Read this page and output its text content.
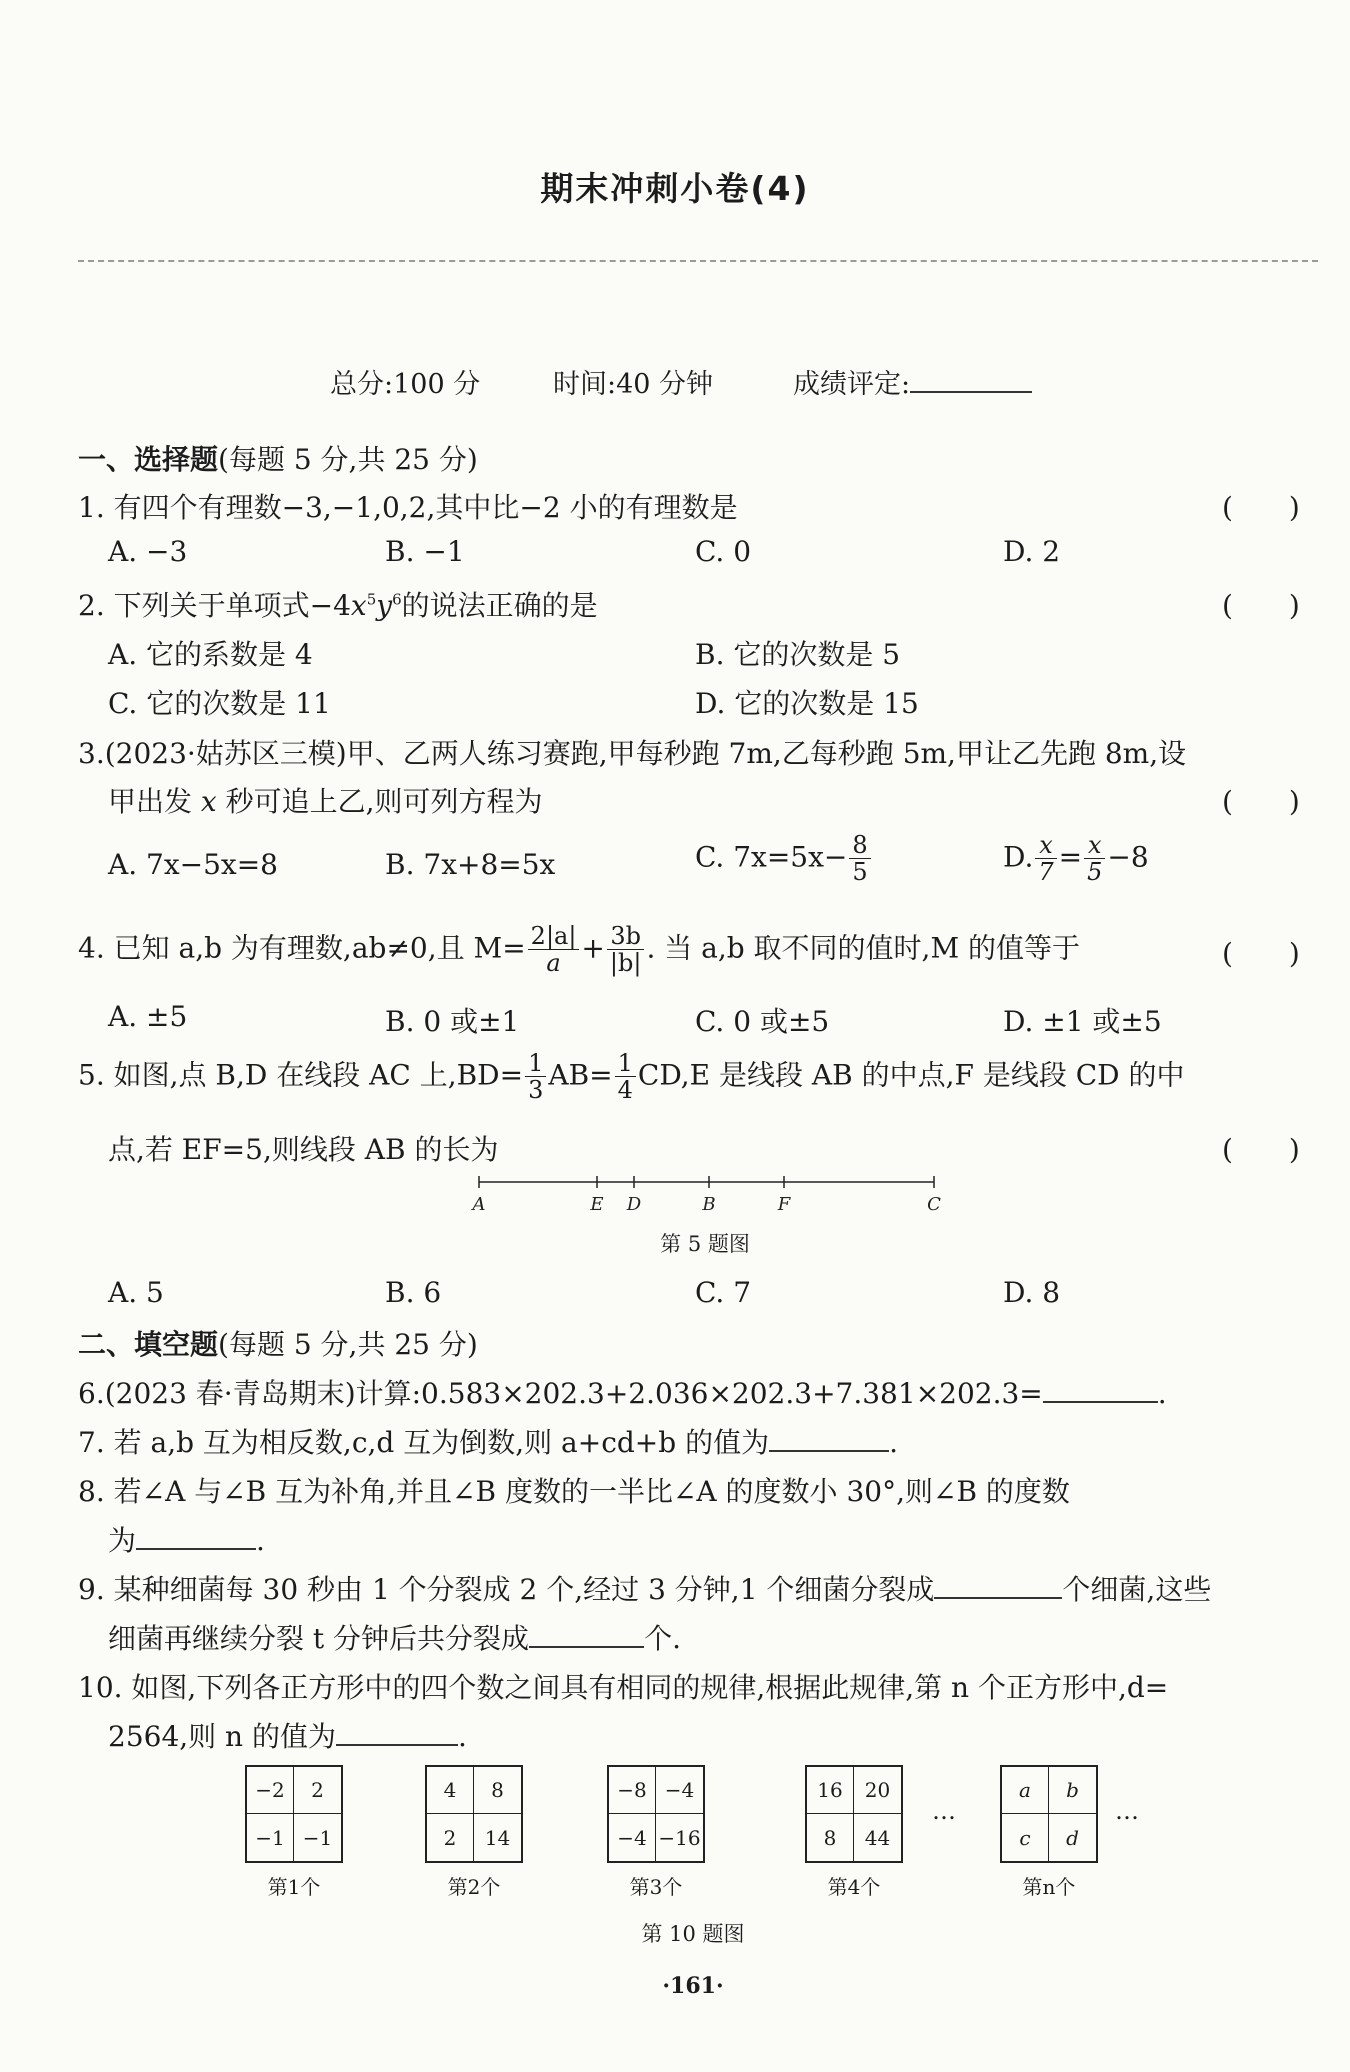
期末冲刺小卷(4)
总分:100 分	时间:40 分钟	成绩评定:
一、选择题(每题 5 分,共 25 分)
1. 有四个有理数−3,−1,0,2,其中比−2 小的有理数是	(　　)
A. −3	B. −1	C. 0	D. 2
2. 下列关于单项式$-4x^5y^6$的说法正确的是	(　　)
A. 它的系数是 4	B. 它的次数是 5
C. 它的次数是 11	D. 它的次数是 15
3.(2023·姑苏区三模)甲、乙两人练习赛跑,甲每秒跑 7m,乙每秒跑 5m,甲让乙先跑 8m,设
甲出发 x 秒可追上乙,则可列方程为	(　　)
A. 7x−5x=8	B. 7x+8=5x	C. $7x=5x- \frac{8}{5}$	D. $\frac{x}{7} = \frac{x}{5} -8$
4. 已知 a,b 为有理数,ab≠0,且 $M= \frac{2|a|}{a} + \frac{3b}{|b|}$ . 当 a,b 取不同的值时,M 的值等于	(　　)
A. ±5	B. 0 或±1	C. 0 或±5	D. ±1 或±5
5. 如图,点 B,D 在线段 AC 上$,BD= \frac{1}{3} AB= \frac{1}{4} CD,E$ 是线段 AB 的中点,F 是线段 CD 的中
点,若 EF=5,则线段 AB 的长为	(　　)
A	E D	B	F	C
第 5 题图
A. 5	B. 6	C. 7	D. 8
二、填空题(每题 5 分,共 25 分)
6.(2023 春·青岛期末)计算:0.583×202.3+2.036×202.3+7.381×202.3=	.
7. 若 a,b 互为相反数,c,d 互为倒数,则 a+cd+b 的值为	.
8. 若∠A 与∠B 互为补角,并且∠B 度数的一半比∠A 的度数小 30°,则∠B 的度数
为	.
9. 某种细菌每 30 秒由 1 个分裂成 2 个,经过 3 分钟,1 个细菌分裂成	个细菌,这些
细菌再继续分裂 t 分钟后共分裂成	个.
10. 如图,下列各正方形中的四个数之间具有相同的规律,根据此规律,第 n 个正方形中,d=
2564,则 n 的值为	.
−2	2
−1 −1
第1个
4	8
2	14
第2个
−8 −4
−4 −16
第3个
16	20
8	44
第4个
…
a	b
c	d
第n个
…
第 10 题图
·161·
